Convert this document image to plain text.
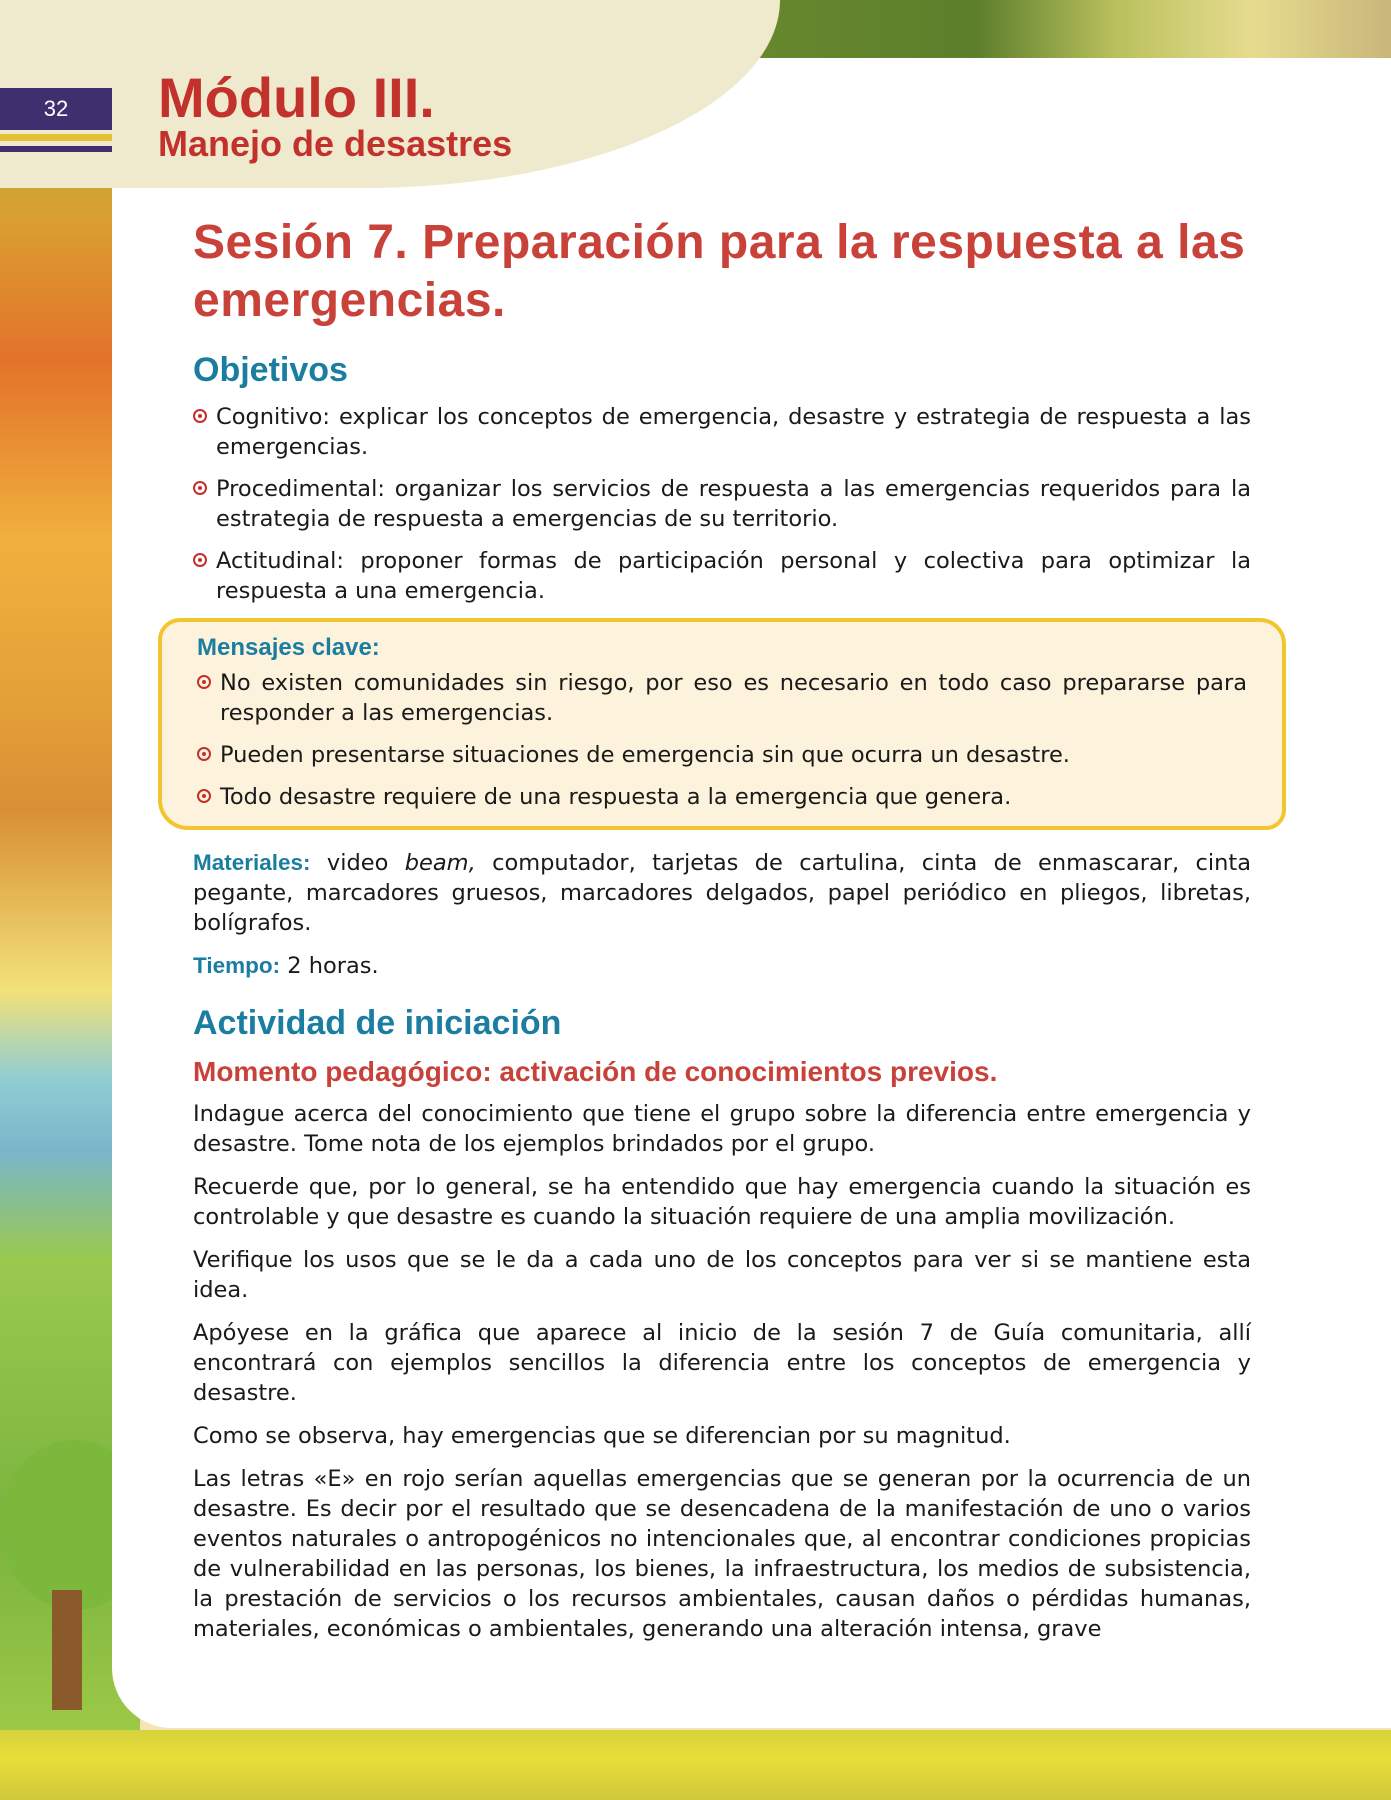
32	Módulo III.
Manejo de desastres
Sesión 7. Preparación para la respuesta a las emergencias.
Objetivos
Cognitivo: explicar los conceptos de emergencia, desastre y estrategia de respuesta a las emergencias.
Procedimental: organizar los servicios de respuesta a las emergencias requeridos para la estrategia de respuesta a emergencias de su territorio.
Actitudinal: proponer formas de participación personal y colectiva para optimizar la respuesta a una emergencia.
Mensajes clave:
No existen comunidades sin riesgo, por eso es necesario en todo caso prepararse para responder a las emergencias.
Pueden presentarse situaciones de emergencia sin que ocurra un desastre.
Todo desastre requiere de una respuesta a la emergencia que genera.
Materiales: video beam, computador, tarjetas de cartulina, cinta de enmascarar, cinta pegante, marcadores gruesos, marcadores delgados, papel periódico en pliegos, libretas, bolígrafos.
Tiempo: 2 horas.
Actividad de iniciación
Momento pedagógico: activación de conocimientos previos.
Indague acerca del conocimiento que tiene el grupo sobre la diferencia entre emergencia y desastre. Tome nota de los ejemplos brindados por el grupo.
Recuerde que, por lo general, se ha entendido que hay emergencia cuando la situación es controlable y que desastre es cuando la situación requiere de una amplia movilización.
Verifique los usos que se le da a cada uno de los conceptos para ver si se mantiene esta idea.
Apóyese en la gráfica que aparece al inicio de la sesión 7 de Guía comunitaria, allí encontrará con ejemplos sencillos la diferencia entre los conceptos de emergencia y desastre.
Como se observa, hay emergencias que se diferencian por su magnitud.
Las letras «E» en rojo serían aquellas emergencias que se generan por la ocurrencia de un desastre. Es decir por el resultado que se desencadena de la manifestación de uno o varios eventos naturales o antropogénicos no intencionales que, al encontrar condiciones propicias de vulnerabilidad en las personas, los bienes, la infraestructura, los medios de subsistencia, la prestación de servicios o los recursos ambientales, causan daños o pérdidas humanas, materiales, económicas o ambientales, generando una alteración intensa, grave
